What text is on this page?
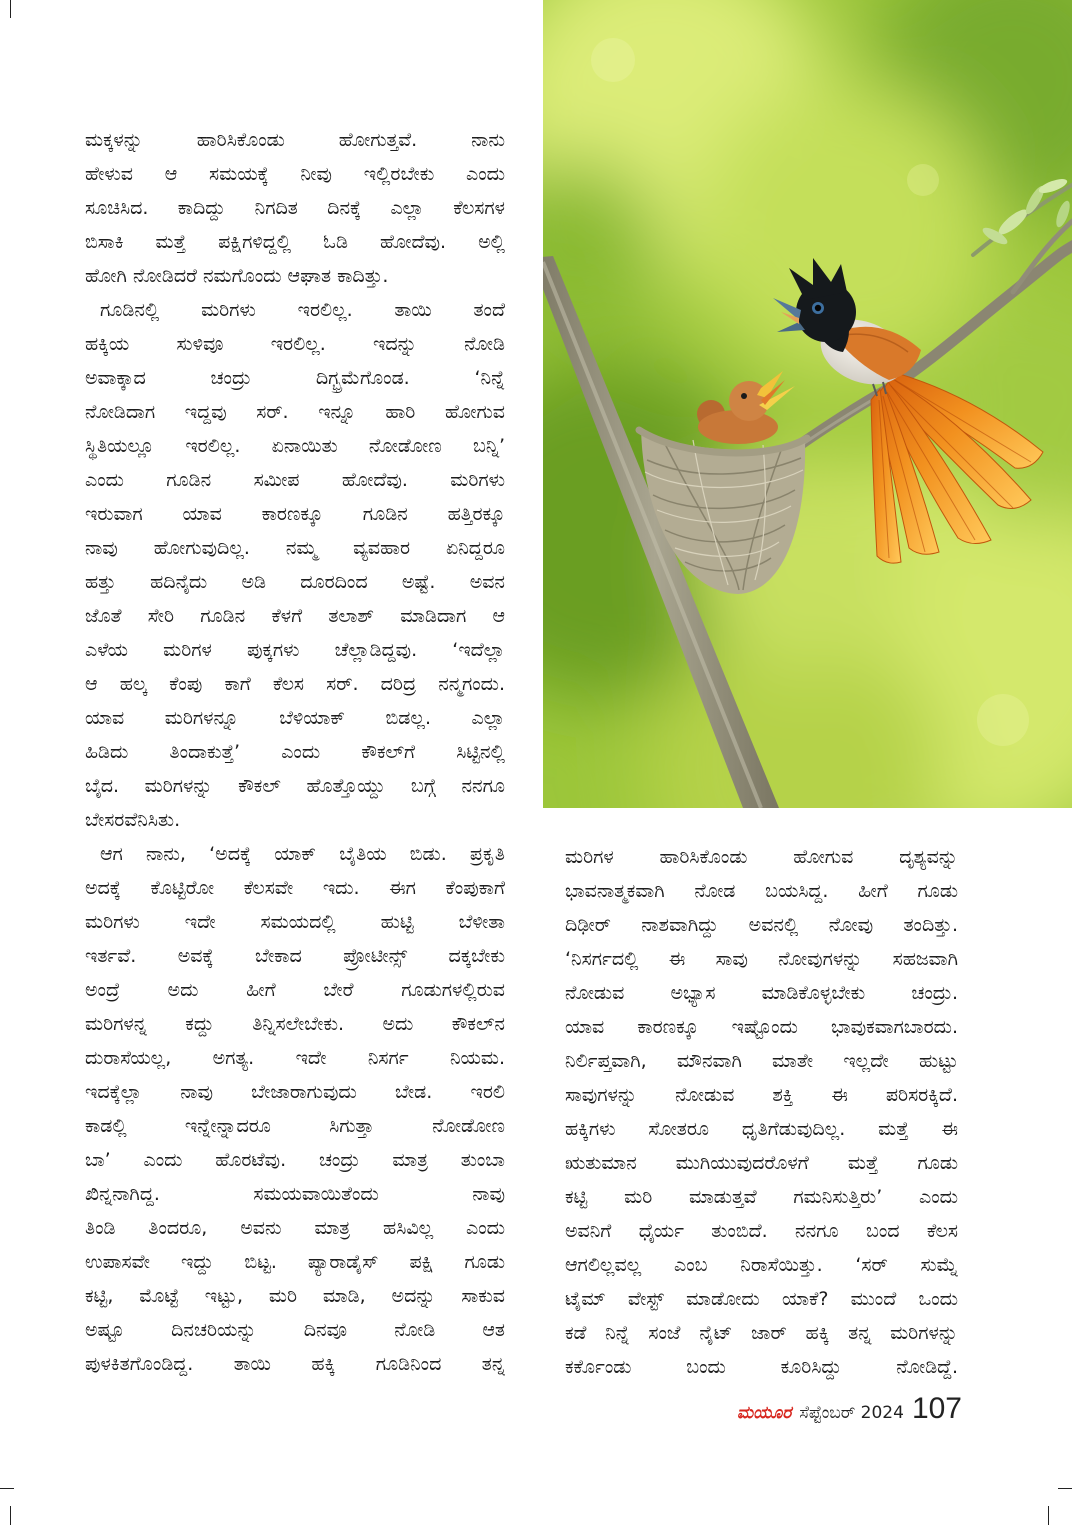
ಮಕ್ಕಳನ್ನು ಹಾರಿಸಿಕೊಂಡು ಹೋಗುತ್ತವೆ. ನಾನು
ಹೇಳುವ ಆ ಸಮಯಕ್ಕೆ ನೀವು ಇಲ್ಲಿರಬೇಕು ಎಂದು
ಸೂಚಿಸಿದ. ಕಾದಿದ್ದು ನಿಗದಿತ ದಿನಕ್ಕೆ ಎಲ್ಲಾ ಕೆಲಸಗಳ
ಬಿಸಾಕಿ ಮತ್ತೆ ಪಕ್ಷಿಗಳಿದ್ದಲ್ಲಿ ಓಡಿ ಹೋದೆವು. ಅಲ್ಲಿ
ಹೋಗಿ ನೋಡಿದರೆ ನಮಗೊಂದು ಆಘಾತ ಕಾದಿತ್ತು.
ಗೂಡಿನಲ್ಲಿ ಮರಿಗಳು ಇರಲಿಲ್ಲ. ತಾಯಿ ತಂದೆ
ಹಕ್ಕಿಯ ಸುಳಿವೂ ಇರಲಿಲ್ಲ. ಇದನ್ನು ನೋಡಿ
ಅವಾಕ್ಕಾದ ಚಂದ್ರು ದಿಗ್ಭ್ರಮೆಗೊಂಡ. ‘ನಿನ್ನೆ
ನೋಡಿದಾಗ ಇದ್ದವು ಸರ್. ಇನ್ನೂ ಹಾರಿ ಹೋಗುವ
ಸ್ಥಿತಿಯಲ್ಲೂ ಇರಲಿಲ್ಲ. ಏನಾಯಿತು ನೋಡೋಣ ಬನ್ನಿ’
ಎಂದು ಗೂಡಿನ ಸಮೀಪ ಹೋದೆವು. ಮರಿಗಳು
ಇರುವಾಗ ಯಾವ ಕಾರಣಕ್ಕೂ ಗೂಡಿನ ಹತ್ತಿರಕ್ಕೂ
ನಾವು ಹೋಗುವುದಿಲ್ಲ. ನಮ್ಮ ವ್ಯವಹಾರ ಏನಿದ್ದರೂ
ಹತ್ತು ಹದಿನೈದು ಅಡಿ ದೂರದಿಂದ ಅಷ್ಟೆ. ಅವನ
ಜೊತೆ ಸೇರಿ ಗೂಡಿನ ಕೆಳಗೆ ತಲಾಶ್ ಮಾಡಿದಾಗ ಆ
ಎಳೆಯ ಮರಿಗಳ ಪುಕ್ಕಗಳು ಚೆಲ್ಲಾಡಿದ್ದವು. ‘ಇದೆಲ್ಲಾ
ಆ ಹಲ್ಕ ಕೆಂಪು ಕಾಗೆ ಕೆಲಸ ಸರ್. ದರಿದ್ರ ನನ್ಮಗಂದು.
ಯಾವ ಮರಿಗಳನ್ನೂ ಬೆಳಿಯಾಕ್ ಬಿಡಲ್ಲ. ಎಲ್ಲಾ
ಹಿಡಿದು ತಿಂದಾಕುತ್ತೆ’ ಎಂದು ಕೌಕಲ್‌ಗೆ ಸಿಟ್ಟಿನಲ್ಲಿ
ಬೈದ. ಮರಿಗಳನ್ನು ಕೌಕಲ್ ಹೊತ್ತೊಯ್ದು ಬಗ್ಗೆ ನನಗೂ
ಬೇಸರವೆನಿಸಿತು.
ಆಗ ನಾನು, ‘ಅದಕ್ಕೆ ಯಾಕ್ ಬೈತಿಯ ಬಿಡು. ಪ್ರಕೃತಿ
ಅದಕ್ಕೆ ಕೊಟ್ಟಿರೋ ಕೆಲಸವೇ ಇದು. ಈಗ ಕೆಂಪುಕಾಗೆ
ಮರಿಗಳು ಇದೇ ಸಮಯದಲ್ಲಿ ಹುಟ್ಟಿ ಬೆಳೀತಾ
ಇರ್ತವೆ. ಅವಕ್ಕೆ ಬೇಕಾದ ಪ್ರೋಟೀನ್ಸ್ ದಕ್ಕಬೇಕು
ಅಂದ್ರೆ ಅದು ಹೀಗೆ ಬೇರೆ ಗೂಡುಗಳಲ್ಲಿರುವ
ಮರಿಗಳನ್ನ ಕದ್ದು ತಿನ್ನಿಸಲೇಬೇಕು. ಅದು ಕೌಕಲ್‌ನ
ದುರಾಸೆಯಲ್ಲ, ಅಗತ್ಯ. ಇದೇ ನಿಸರ್ಗ ನಿಯಮ.
ಇದಕ್ಕೆಲ್ಲಾ ನಾವು ಬೇಜಾರಾಗುವುದು ಬೇಡ. ಇರಲಿ
ಕಾಡಲ್ಲಿ ಇನ್ನೇನ್ನಾದರೂ ಸಿಗುತ್ತಾ ನೋಡೋಣ
ಬಾ’ ಎಂದು ಹೊರಟೆವು. ಚಂದ್ರು ಮಾತ್ರ ತುಂಬಾ
ಖಿನ್ನನಾಗಿದ್ದ. ಸಮಯವಾಯಿತೆಂದು ನಾವು
ತಿಂಡಿ ತಿಂದರೂ, ಅವನು ಮಾತ್ರ ಹಸಿವಿಲ್ಲ ಎಂದು
ಉಪಾಸವೇ ಇದ್ದು ಬಿಟ್ಟ. ಪ್ಯಾರಾಡೈಸ್ ಪಕ್ಷಿ ಗೂಡು
ಕಟ್ಟಿ, ಮೊಟ್ಟೆ ಇಟ್ಟು, ಮರಿ ಮಾಡಿ, ಅದನ್ನು ಸಾಕುವ
ಅಷ್ಟೂ ದಿನಚರಿಯನ್ನು ದಿನವೂ ನೋಡಿ ಆತ
ಪುಳಕಿತಗೊಂಡಿದ್ದ. ತಾಯಿ ಹಕ್ಕಿ ಗೂಡಿನಿಂದ ತನ್ನ
ಮರಿಗಳ ಹಾರಿಸಿಕೊಂಡು ಹೋಗುವ ದೃಶ್ಯವನ್ನು
ಭಾವನಾತ್ಮಕವಾಗಿ ನೋಡ ಬಯಸಿದ್ದ. ಹೀಗೆ ಗೂಡು
ದಿಢೀರ್ ನಾಶವಾಗಿದ್ದು ಅವನಲ್ಲಿ ನೋವು ತಂದಿತ್ತು.
‘ನಿಸರ್ಗದಲ್ಲಿ ಈ ಸಾವು ನೋವುಗಳನ್ನು ಸಹಜವಾಗಿ
ನೋಡುವ ಅಭ್ಯಾಸ ಮಾಡಿಕೊಳ್ಳಬೇಕು ಚಂದ್ರು.
ಯಾವ ಕಾರಣಕ್ಕೂ ಇಷ್ಟೊಂದು ಭಾವುಕವಾಗಬಾರದು.
ನಿರ್ಲಿಪ್ತವಾಗಿ, ಮೌನವಾಗಿ ಮಾತೇ ಇಲ್ಲದೇ ಹುಟ್ಟು
ಸಾವುಗಳನ್ನು ನೋಡುವ ಶಕ್ತಿ ಈ ಪರಿಸರಕ್ಕಿದೆ.
ಹಕ್ಕಿಗಳು ಸೋತರೂ ಧೃತಿಗೆಡುವುದಿಲ್ಲ. ಮತ್ತೆ ಈ
ಋತುಮಾನ ಮುಗಿಯುವುದರೊಳಗೆ ಮತ್ತೆ ಗೂಡು
ಕಟ್ಟಿ ಮರಿ ಮಾಡುತ್ತವೆ ಗಮನಿಸುತ್ತಿರು’ ಎಂದು
ಅವನಿಗೆ ಧೈರ್ಯ ತುಂಬಿದೆ. ನನಗೂ ಬಂದ ಕೆಲಸ
ಆಗಲಿಲ್ಲವಲ್ಲ ಎಂಬ ನಿರಾಸೆಯಿತ್ತು. ‘ಸರ್ ಸುಮ್ನೆ
ಟೈಮ್ ವೇಸ್ಟ್ ಮಾಡೋದು ಯಾಕೆ? ಮುಂದೆ ಒಂದು
ಕಡೆ ನಿನ್ನೆ ಸಂಜೆ ನೈಟ್ ಜಾರ್ ಹಕ್ಕಿ ತನ್ನ ಮರಿಗಳನ್ನು
ಕರ್ಕೊಂಡು ಬಂದು ಕೂರಿಸಿದ್ದು ನೋಡಿದ್ದೆ.
ಮಯೂರ ಸೆಪ್ಟೆಂಬರ್ 2024 107
